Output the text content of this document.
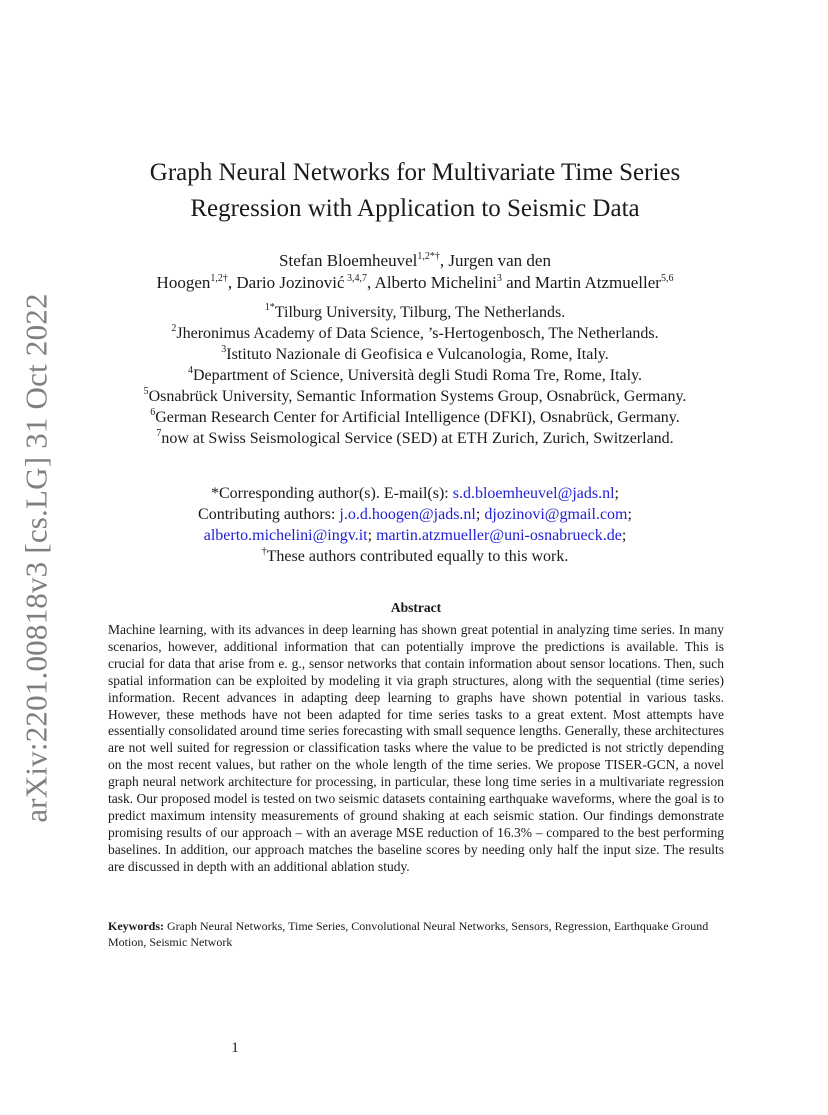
arXiv:2201.00818v3 [cs.LG] 31 Oct 2022
Graph Neural Networks for Multivariate Time Series
Regression with Application to Seismic Data
Stefan Bloemheuvel$^{1,2*\dagger}$, Jurgen van den
Hoogen$^{1,2\dagger}$, Dario Jozinović $^{3,4,7}$, Alberto Michelini$^3$ and Martin Atzmueller$^{5,6}$
$^{1*}$Tilburg University, Tilburg, The Netherlands.
$^2$Jheronimus Academy of Data Science, ’s-Hertogenbosch, The Netherlands.
$^3$Istituto Nazionale di Geofisica e Vulcanologia, Rome, Italy.
$^4$Department of Science, Università degli Studi Roma Tre, Rome, Italy.
$^5$Osnabrück University, Semantic Information Systems Group, Osnabrück, Germany.
$^6$German Research Center for Artificial Intelligence (DFKI), Osnabrück, Germany.
$^7$now at Swiss Seismological Service (SED) at ETH Zurich, Zurich, Switzerland.
*Corresponding author(s). E-mail(s): s.d.bloemheuvel@jads.nl;
Contributing authors: j.o.d.hoogen@jads.nl; djozinovi@gmail.com;
alberto.michelini@ingv.it; martin.atzmueller@uni-osnabrueck.de;
†These authors contributed equally to this work.
Abstract

Machine learning, with its advances in deep learning has shown great potential in analyzing time series. In many scenarios, however, additional information that can potentially improve the predictions is available. This is crucial for data that arise from e. g., sensor networks that contain information about sensor locations. Then, such spatial information can be exploited by modeling it via graph structures, along with the sequential (time series) information. Recent advances in adapting deep learning to graphs have shown potential in various tasks. However, these methods have not been adapted for time series tasks to a great extent. Most attempts have essentially consolidated around time series forecasting with small sequence lengths. Generally, these architectures are not well suited for regression or classification tasks where the value to be predicted is not strictly depending on the most recent values, but rather on the whole length of the time series. We propose TISER-GCN, a novel graph neural network architecture for processing, in particular, these long time series in a multivariate regression task. Our proposed model is tested on two seismic datasets containing earthquake waveforms, where the goal is to predict maximum intensity measurements of ground shaking at each seismic station. Our findings demonstrate promising results of our approach – with an average MSE reduction of 16.3% – compared to the best performing baselines. In addition, our approach matches the baseline scores by needing only half the input size. The results are discussed in depth with an additional ablation study.

Keywords: Graph Neural Networks, Time Series, Convolutional Neural Networks, Sensors, Regression, Earthquake Ground Motion, Seismic Network

1
